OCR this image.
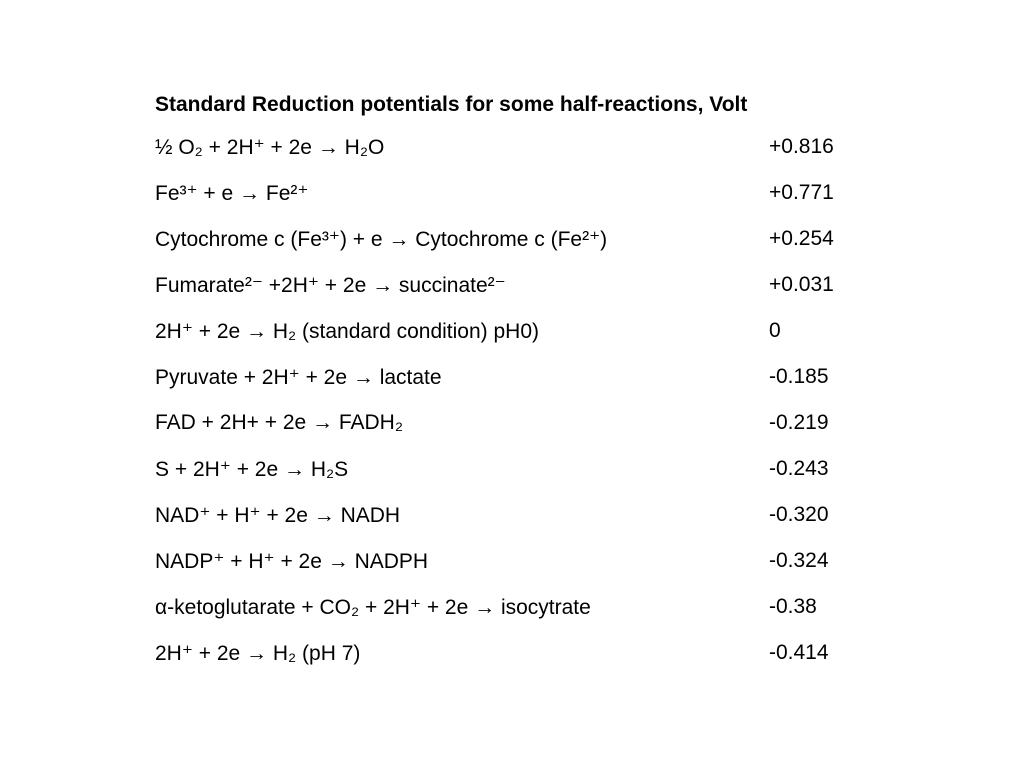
Standard Reduction potentials for some half-reactions, Volt
½ O₂ + 2H⁺ + 2e → H₂O	+0.816
Fe³⁺ + e → Fe²⁺	+0.771
Cytochrome c (Fe³⁺) + e → Cytochrome c (Fe²⁺)	+0.254
Fumarate²⁻ +2H⁺ + 2e → succinate²⁻	+0.031
2H⁺ + 2e → H₂ (standard condition) pH0)	0
Pyruvate + 2H⁺ + 2e → lactate	-0.185
FAD + 2H+ + 2e → FADH₂	-0.219
S + 2H⁺ + 2e → H₂S	-0.243
NAD⁺ + H⁺ + 2e → NADH	-0.320
NADP⁺ + H⁺ + 2e → NADPH	-0.324
α-ketoglutarate + CO₂ + 2H⁺ + 2e → isocytrate	-0.38
2H⁺ + 2e → H₂ (pH 7)	-0.414
